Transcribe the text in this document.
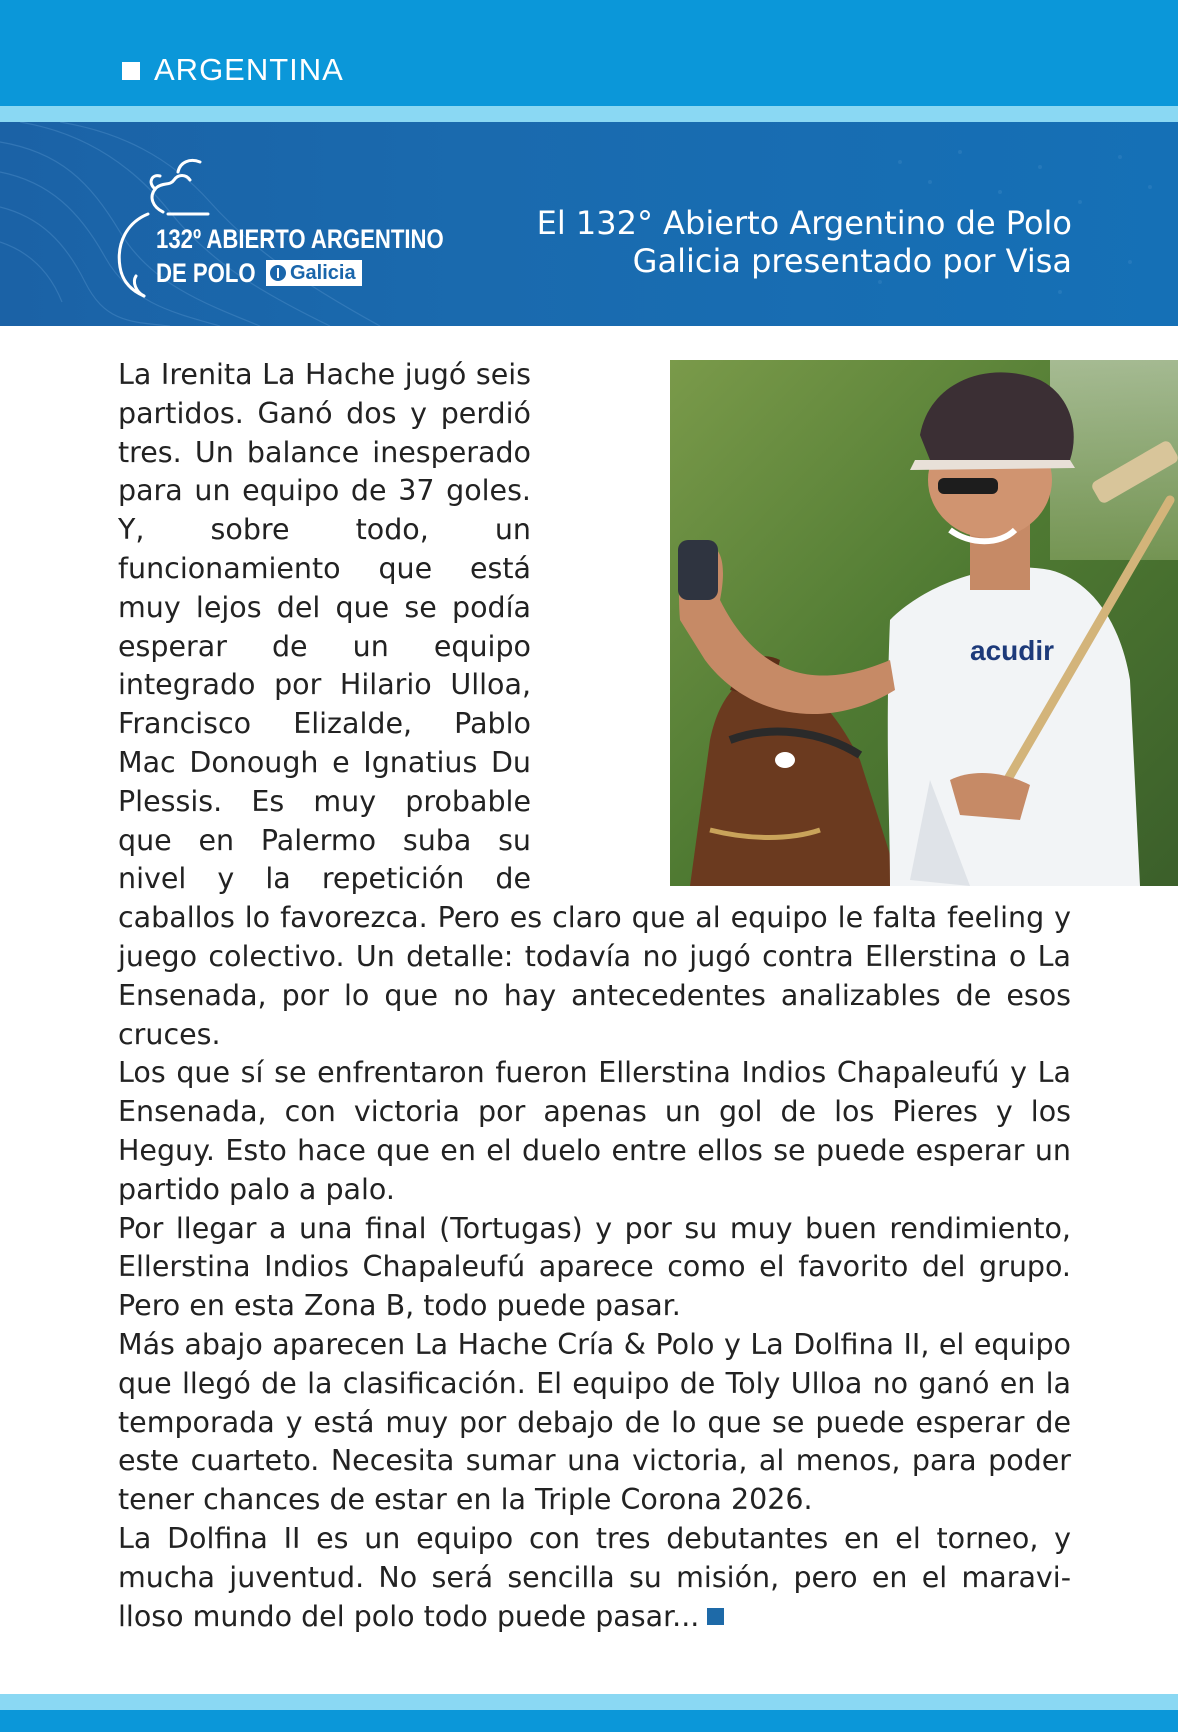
ARGENTINA
132º ABIERTO ARGENTINO
DE POLO	Galicia
El 132° Abierto Argentino de Polo
Galicia presentado por Visa
acudir

La Irenita La Hache jugó seis partidos. Ganó dos y perdió tres. Un balance inesperado para un equipo de 37 goles. Y, sobre todo, un funcionamiento que está muy lejos del que se podía esperar de un equipo integrado por Hilario Ulloa, Francisco Elizalde, Pablo Mac Donough e Ignatius Du Plessis. Es muy probable que en Palermo suba su nivel y la repetición de caballos lo favorezca. Pero es claro que al equipo le falta feeling y juego colectivo. Un detalle: todavía no jugó contra Ellerstina o La Ensenada, por lo que no hay antecedentes analizables de esos cruces.

Los que sí se enfrentaron fueron Ellerstina Indios Chapaleufú y La Ensenada, con victoria por apenas un gol de los Pieres y los Heguy. Esto hace que en el duelo entre ellos se puede esperar un partido palo a palo.

Por llegar a una final (Tortugas) y por su muy buen rendimiento, Ellerstina Indios Chapaleufú aparece como el favorito del grupo. Pero en esta Zona B, todo puede pasar.

Más abajo aparecen La Hache Cría & Polo y La Dolfina II, el equipo que llegó de la clasificación. El equipo de Toly Ulloa no ganó en la temporada y está muy por debajo de lo que se puede esperar de este cuarteto. Necesita sumar una victoria, al menos, para poder tener chances de estar en la Triple Corona 2026.

La Dolfina II es un equipo con tres debutantes en el torneo, y mucha juventud. No será sencilla su misión, pero en el maravilloso mundo del polo todo puede pasar...
